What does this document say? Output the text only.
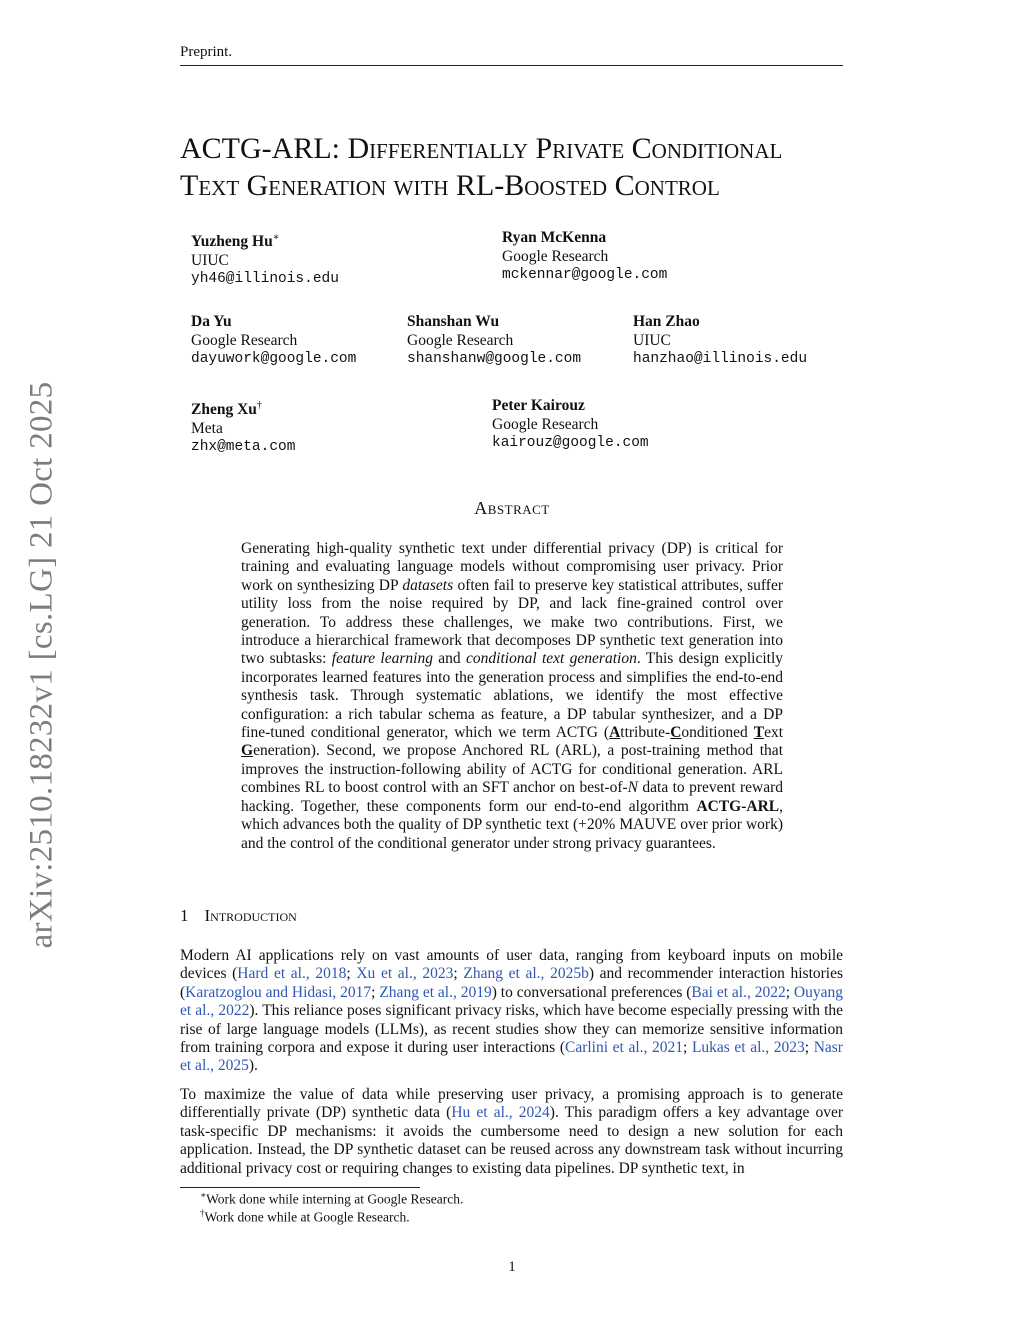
Preprint.
arXiv:2510.18232v1 [cs.LG] 21 Oct 2025
ACTG-ARL: Differentially Private Conditional
Text Generation with RL-Boosted Control
Yuzheng Hu∗
UIUC
yh46@illinois.edu
Ryan McKenna
Google Research
mckennar@google.com
Da Yu
Google Research
dayuwork@google.com
Shanshan Wu
Google Research
shanshanw@google.com
Han Zhao
UIUC
hanzhao@illinois.edu
Zheng Xu†
Meta
zhx@meta.com
Peter Kairouz
Google Research
kairouz@google.com
Abstract
Generating high-quality synthetic text under differential privacy (DP) is critical for training and evaluating language models without compromising user privacy. Prior work on synthesizing DP datasets often fail to preserve key statistical attributes, suffer utility loss from the noise required by DP, and lack fine-grained control over generation. To address these challenges, we make two contributions. First, we introduce a hierarchical framework that decomposes DP synthetic text generation into two subtasks: feature learning and conditional text generation. This design explicitly incorporates learned features into the generation process and simplifies the end-to-end synthesis task. Through systematic ablations, we identify the most effective configuration: a rich tabular schema as feature, a DP tabular synthesizer, and a DP fine-tuned conditional generator, which we term ACTG (Attribute-Conditioned Text Generation). Second, we propose Anchored RL (ARL), a post-training method that improves the instruction-following ability of ACTG for conditional generation. ARL combines RL to boost control with an SFT anchor on best-of-N data to prevent reward hacking. Together, these components form our end-to-end algorithm ACTG-ARL, which advances both the quality of DP synthetic text (+20% MAUVE over prior work) and the control of the conditional generator under strong privacy guarantees.
1 Introduction
Modern AI applications rely on vast amounts of user data, ranging from keyboard inputs on mobile devices (Hard et al., 2018; Xu et al., 2023; Zhang et al., 2025b) and recommender interaction histories (Karatzoglou and Hidasi, 2017; Zhang et al., 2019) to conversational preferences (Bai et al., 2022; Ouyang et al., 2022). This reliance poses significant privacy risks, which have become especially pressing with the rise of large language models (LLMs), as recent studies show they can memorize sensitive information from training corpora and expose it during user interactions (Carlini et al., 2021; Lukas et al., 2023; Nasr et al., 2025).
To maximize the value of data while preserving user privacy, a promising approach is to generate differentially private (DP) synthetic data (Hu et al., 2024). This paradigm offers a key advantage over task-specific DP mechanisms: it avoids the cumbersome need to design a new solution for each application. Instead, the DP synthetic dataset can be reused across any downstream task without incurring additional privacy cost or requiring changes to existing data pipelines. DP synthetic text, in
∗Work done while interning at Google Research.
†Work done while at Google Research.
1
